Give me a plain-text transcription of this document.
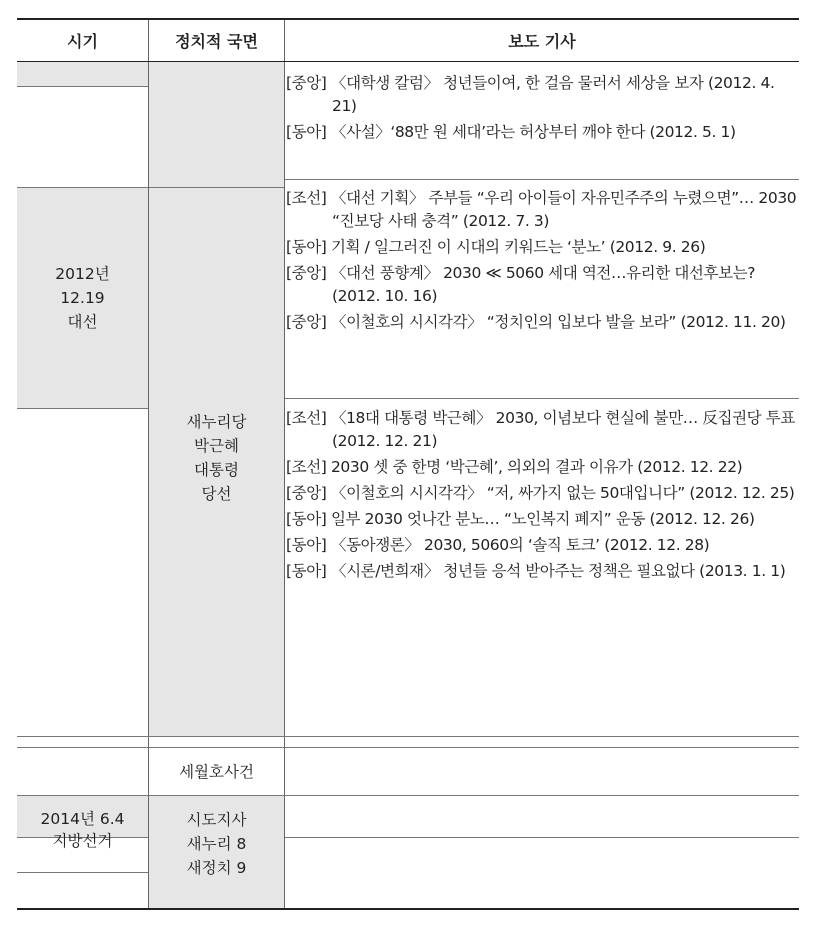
시기	정치적 국면	보도 기사
2012년
12.19
대선
새누리당
박근혜
대통령
당선
세월호사건
2014년 6.4
지방선거
시도지사
새누리 8
새정치 9
[중앙] 〈대학생 칼럼〉 청년들이여, 한 걸음 물러서 세상을 보자 (2012. 4. 21)
[동아] 〈사설〉‘88만 원 세대’라는 허상부터 깨야 한다 (2012. 5. 1)
[조선] 〈대선 기획〉 주부들 “우리 아이들이 자유민주주의 누렸으면”… 2030 “진보당 사태 충격” (2012. 7. 3)
[동아] 기획 / 일그러진 이 시대의 키워드는 ‘분노’ (2012. 9. 26)
[중앙] 〈대선 풍향계〉 2030 ≪ 5060 세대 역전…유리한 대선후보는? (2012. 10. 16)
[중앙] 〈이철호의 시시각각〉 “정치인의 입보다 발을 보라” (2012. 11. 20)
[조선] 〈18대 대통령 박근혜〉 2030, 이념보다 현실에 불만… 反집권당 투표 (2012. 12. 21)
[조선] 2030 셋 중 한명 ‘박근혜’, 의외의 결과 이유가 (2012. 12. 22)
[중앙] 〈이철호의 시시각각〉 “저, 싸가지 없는 50대입니다” (2012. 12. 25)
[동아] 일부 2030 엇나간 분노… “노인복지 폐지” 운동 (2012. 12. 26)
[동아] 〈동아쟁론〉 2030, 5060의 ‘솔직 토크’ (2012. 12. 28)
[동아] 〈시론/변희재〉 청년들 응석 받아주는 정책은 필요없다 (2013. 1. 1)
